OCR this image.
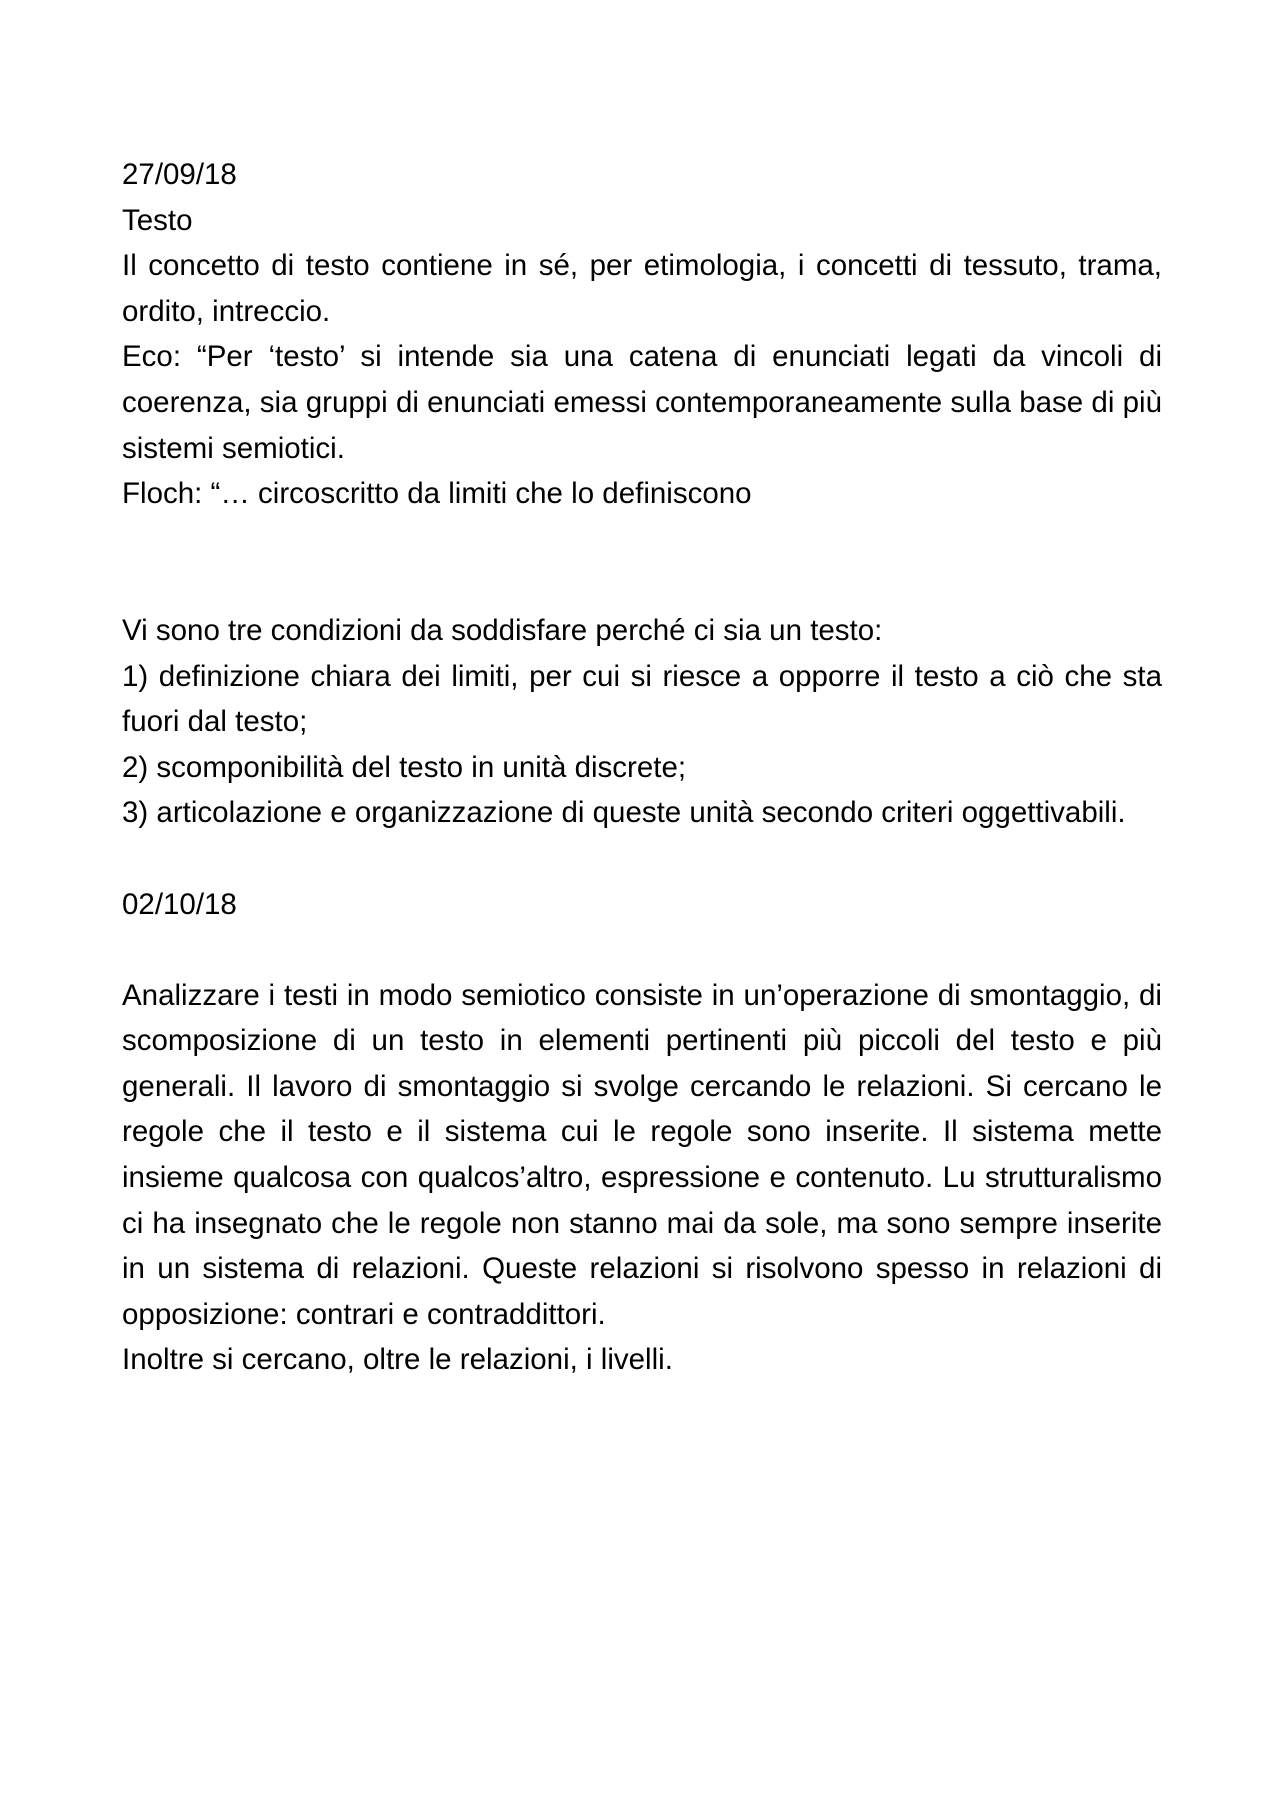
27/09/18
Testo
Il concetto di testo contiene in sé, per etimologia, i concetti di tessuto, trama, ordito, intreccio.
Eco: “Per ‘testo’ si intende sia una catena di enunciati legati da vincoli di coerenza, sia gruppi di enunciati emessi contemporaneamente sulla base di più sistemi semiotici.
Floch: “… circoscritto da limiti che lo definiscono
Vi sono tre condizioni da soddisfare perché ci sia un testo:
1) definizione chiara dei limiti, per cui si riesce a opporre il testo a ciò che sta fuori dal testo;
2) scomponibilità del testo in unità discrete;
3) articolazione e organizzazione di queste unità secondo criteri oggettivabili.
02/10/18
Analizzare i testi in modo semiotico consiste in un’operazione di smontaggio, di scomposizione di un testo in elementi pertinenti più piccoli del testo e più generali. Il lavoro di smontaggio si svolge cercando le relazioni. Si cercano le regole che il testo e il sistema cui le regole sono inserite. Il sistema mette insieme qualcosa con qualcos’altro, espressione e contenuto. Lu strutturalismo ci ha insegnato che le regole non stanno mai da sole, ma sono sempre inserite in un sistema di relazioni. Queste relazioni si risolvono spesso in relazioni di opposizione: contrari e contraddittori.
Inoltre si cercano, oltre le relazioni, i livelli.
